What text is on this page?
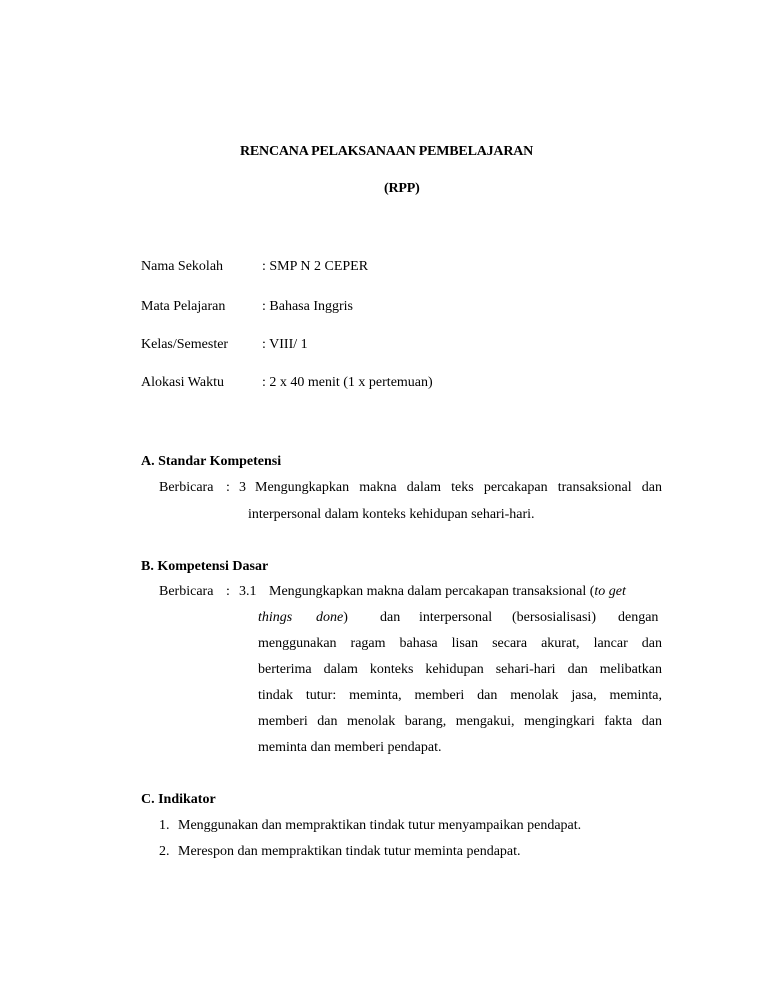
RENCANA PELAKSANAAN PEMBELAJARAN
(RPP)
Nama Sekolah	: SMP N 2 CEPER
Mata Pelajaran	: Bahasa Inggris
Kelas/Semester : VIII/ 1
Alokasi Waktu	: 2 x 40 menit (1 x pertemuan)
A. Standar Kompetensi
Berbicara : 3 Mengungkapkan makna dalam teks percakapan transaksional dan
interpersonal dalam konteks kehidupan sehari-hari.
B. Kompetensi Dasar
Berbicara : 3.1 Mengungkapkan makna dalam percakapan transaksional (to get
things done) dan interpersonal (bersosialisasi) dengan
menggunakan ragam bahasa lisan secara akurat, lancar dan
berterima dalam konteks kehidupan sehari-hari dan melibatkan
tindak tutur: meminta, memberi dan menolak jasa, meminta,
memberi dan menolak barang, mengakui, mengingkari fakta dan
meminta dan memberi pendapat.
C. Indikator
1. Menggunakan dan mempraktikan tindak tutur menyampaikan pendapat.
2. Merespon dan mempraktikan tindak tutur meminta pendapat.
